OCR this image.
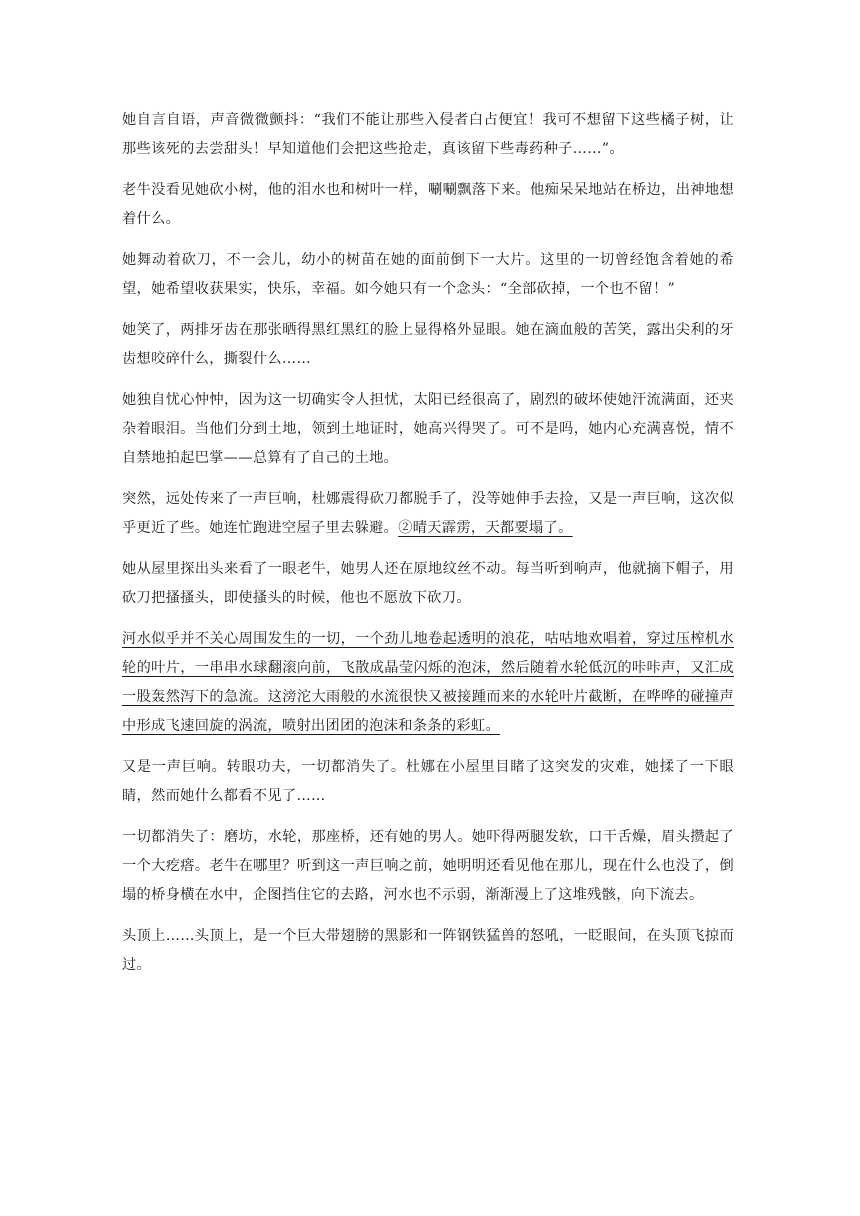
她自言自语，声音微微颤抖：“我们不能让那些入侵者白占便宜！我可不想留下这些橘子树，让那些该死的去尝甜头！早知道他们会把这些抢走，真该留下些毒药种子……”。

老牛没看见她砍小树，他的泪水也和树叶一样，唰唰飘落下来。他痴呆呆地站在桥边，出神地想着什么。

她舞动着砍刀，不一会儿，幼小的树苗在她的面前倒下一大片。这里的一切曾经饱含着她的希望，她希望收获果实，快乐，幸福。如今她只有一个念头：“全部砍掉，一个也不留！”

她笑了，两排牙齿在那张晒得黑红黑红的脸上显得格外显眼。她在滴血般的苦笑，露出尖利的牙齿想咬碎什么，撕裂什么……

她独自忧心忡忡，因为这一切确实令人担忧，太阳已经很高了，剧烈的破坏使她汗流满面，还夹杂着眼泪。当他们分到土地，领到土地证时，她高兴得哭了。可不是吗，她内心充满喜悦，情不自禁地拍起巴掌——总算有了自己的土地。

突然，远处传来了一声巨响，杜娜震得砍刀都脱手了，没等她伸手去捡，又是一声巨响，这次似乎更近了些。她连忙跑进空屋子里去躲避。②晴天霹雳，天都要塌了。

她从屋里探出头来看了一眼老牛，她男人还在原地纹丝不动。每当听到响声，他就摘下帽子，用砍刀把搔搔头，即使搔头的时候，他也不愿放下砍刀。

河水似乎并不关心周围发生的一切，一个劲儿地卷起透明的浪花，咕咕地欢唱着，穿过压榨机水轮的叶片，一串串水球翻滚向前，飞散成晶莹闪烁的泡沫，然后随着水轮低沉的咔咔声，又汇成一股轰然泻下的急流。这滂沱大雨般的水流很快又被接踵而来的水轮叶片截断，在哗哗的碰撞声中形成飞速回旋的涡流，喷射出团团的泡沫和条条的彩虹。

又是一声巨响。转眼功夫，一切都消失了。杜娜在小屋里目睹了这突发的灾难，她揉了一下眼睛，然而她什么都看不见了……

一切都消失了：磨坊，水轮，那座桥，还有她的男人。她吓得两腿发软，口干舌燥，眉头攒起了一个大疙瘩。老牛在哪里？听到这一声巨响之前，她明明还看见他在那儿，现在什么也没了，倒塌的桥身横在水中，企图挡住它的去路，河水也不示弱，渐渐漫上了这堆残骸，向下流去。

头顶上……头顶上，是一个巨大带翅膀的黑影和一阵钢铁猛兽的怒吼，一眨眼间，在头顶飞掠而过。
